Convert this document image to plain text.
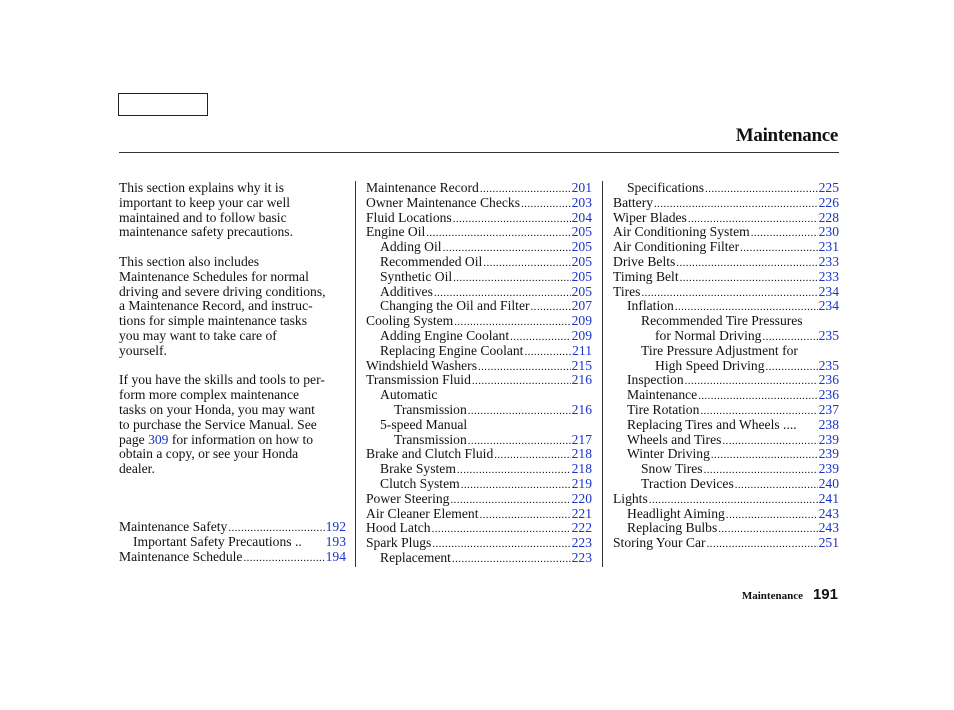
Maintenance

This section explains why it is
important to keep your car well
maintained and to follow basic
maintenance safety precautions.

This section also includes
Maintenance Schedules for normal
driving and severe driving conditions,
a Maintenance Record, and instruc-
tions for simple maintenance tasks
you may want to take care of
yourself.

If you have the skills and tools to per-
form more complex maintenance
tasks on your Honda, you may want
to purchase the Service Manual. See
page 309 for information on how to
obtain a copy, or see your Honda
dealer.

Maintenance Safety .....	192
Important Safety Precautions .. 193
Maintenance Schedule .....	194
Maintenance Record .....	201
Owner Maintenance Checks .....	203
Fluid Locations .....	204
Engine Oil .....	205
Adding Oil .....	205
Recommended Oil .....	205
Synthetic Oil .....	205
Additives .....	205
Changing the Oil and Filter .....	207
Cooling System .....	209
Adding Engine Coolant .....	209
Replacing Engine Coolant .....	211
Windshield Washers .....	215
Transmission Fluid .....	216
Automatic
Transmission .....	216
5-speed Manual
Transmission .....	217
Brake and Clutch Fluid .....	218
Brake System .....	218
Clutch System .....	219
Power Steering .....	220
Air Cleaner Element .....	221
Hood Latch .....	222
Spark Plugs .....	223
Replacement .....	223
Specifications .....	225
Battery .....	226
Wiper Blades .....	228
Air Conditioning System .....	230
Air Conditioning Filter .....	231
Drive Belts .....	233
Timing Belt .....	233
Tires .....	234
Inflation .....	234
Recommended Tire Pressures
for Normal Driving .....	235
Tire Pressure Adjustment for
High Speed Driving .....	235
Inspection .....	236
Maintenance .....	236
Tire Rotation .....	237
Replacing Tires and Wheels .... 238
Wheels and Tires .....	239
Winter Driving .....	239
Snow Tires .....	239
Traction Devices .....	240
Lights .....	241
Headlight Aiming .....	243
Replacing Bulbs .....	243
Storing Your Car .....	251
Maintenance 191
